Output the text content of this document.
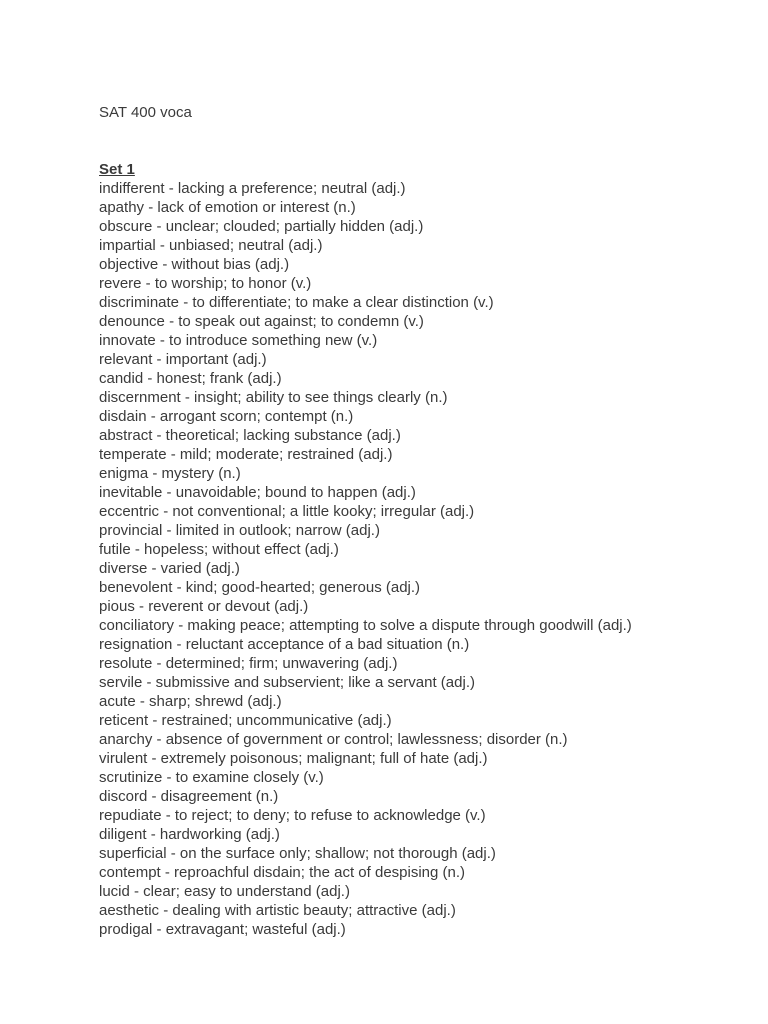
SAT 400 voca
Set 1
indifferent - lacking a preference; neutral (adj.)
apathy - lack of emotion or interest (n.)
obscure - unclear; clouded; partially hidden (adj.)
impartial - unbiased; neutral (adj.)
objective - without bias (adj.)
revere - to worship; to honor (v.)
discriminate - to differentiate; to make a clear distinction (v.)
denounce - to speak out against; to condemn (v.)
innovate - to introduce something new (v.)
relevant - important (adj.)
candid - honest; frank (adj.)
discernment - insight; ability to see things clearly (n.)
disdain - arrogant scorn; contempt (n.)
abstract - theoretical; lacking substance (adj.)
temperate - mild; moderate; restrained (adj.)
enigma - mystery (n.)
inevitable - unavoidable; bound to happen (adj.)
eccentric - not conventional; a little kooky; irregular (adj.)
provincial - limited in outlook; narrow (adj.)
futile - hopeless; without effect (adj.)
diverse - varied (adj.)
benevolent - kind; good-hearted; generous (adj.)
pious - reverent or devout (adj.)
conciliatory - making peace; attempting to solve a dispute through goodwill (adj.)
resignation - reluctant acceptance of a bad situation (n.)
resolute - determined; firm; unwavering (adj.)
servile - submissive and subservient; like a servant (adj.)
acute - sharp; shrewd (adj.)
reticent - restrained; uncommunicative (adj.)
anarchy - absence of government or control; lawlessness; disorder (n.)
virulent - extremely poisonous; malignant; full of hate (adj.)
scrutinize - to examine closely (v.)
discord - disagreement (n.)
repudiate - to reject; to deny; to refuse to acknowledge (v.)
diligent - hardworking (adj.)
superficial - on the surface only; shallow; not thorough (adj.)
contempt - reproachful disdain; the act of despising (n.)
lucid - clear; easy to understand (adj.)
aesthetic - dealing with artistic beauty; attractive (adj.)
prodigal - extravagant; wasteful (adj.)
